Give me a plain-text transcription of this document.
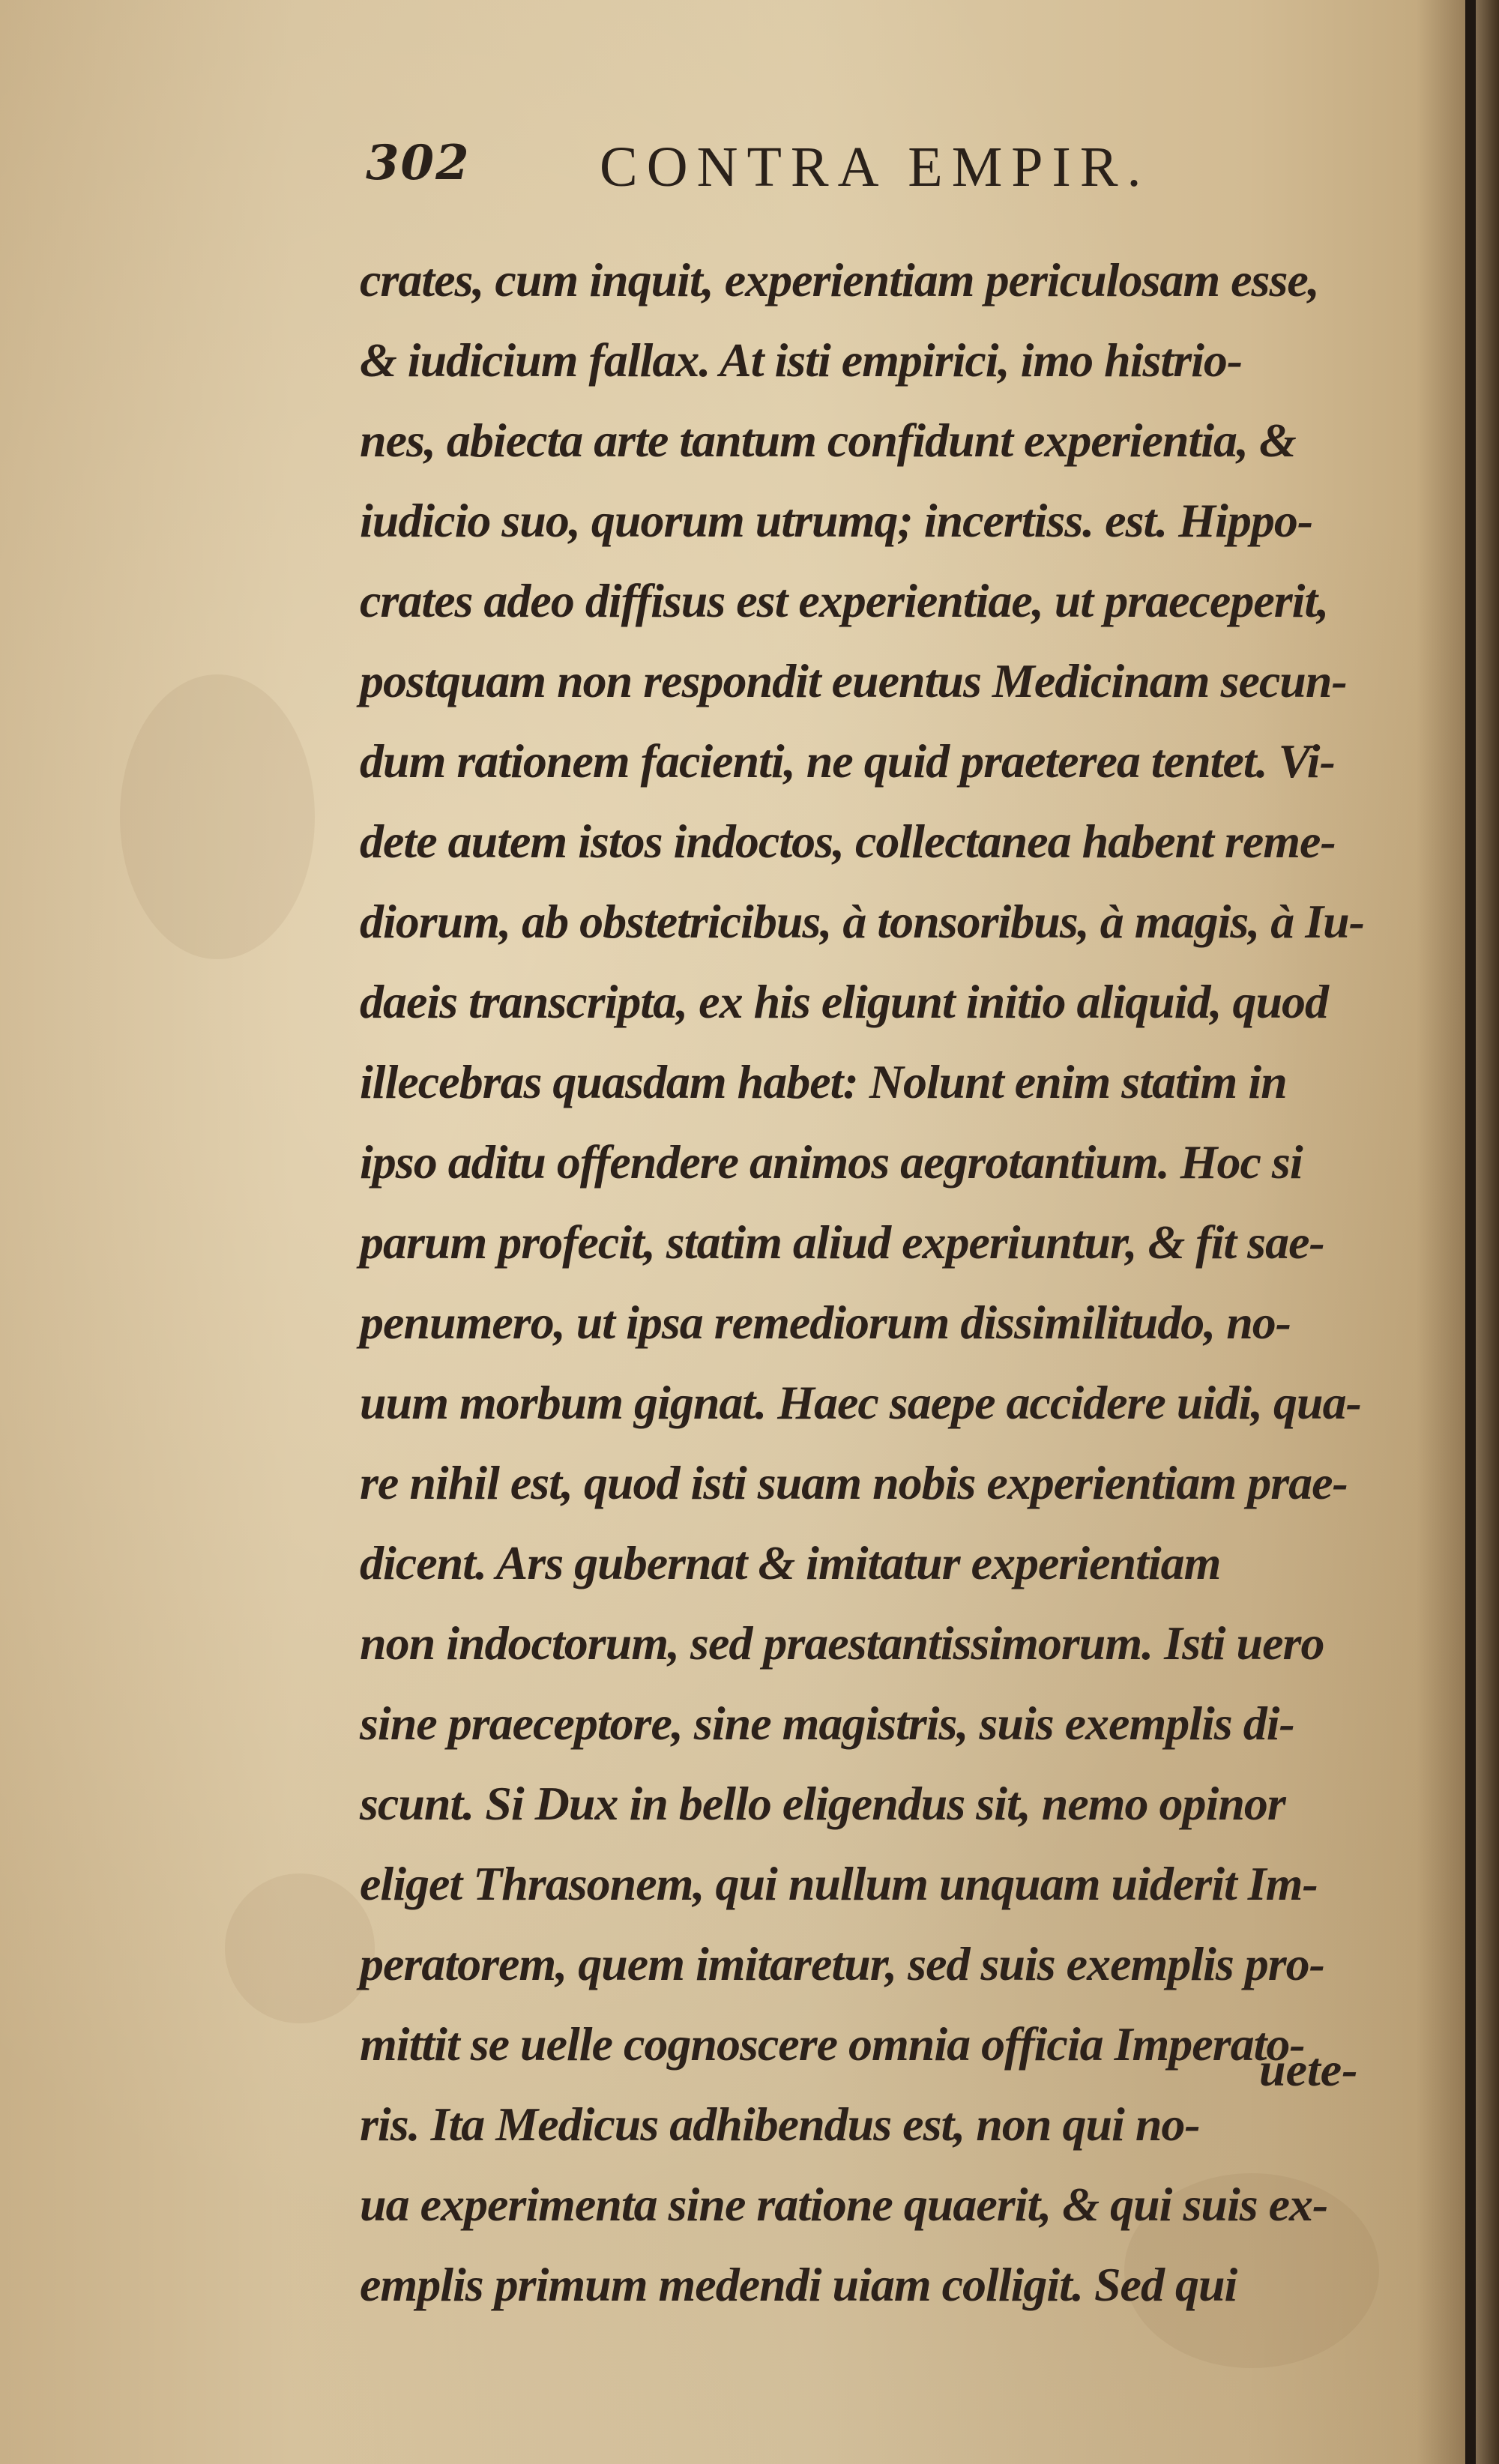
302 CONTRA EMPIR.
crates, cum inquit, experientiam periculosam esse,
& iudicium fallax. At isti empirici, imo histrio-
nes, abiecta arte tantum confidunt experientia, &
iudicio suo, quorum utrumq; incertiss. est. Hippo-
crates adeo diffisus est experientiae, ut praeceperit,
postquam non respondit euentus Medicinam secun-
dum rationem facienti, ne quid praeterea tentet. Vi-
dete autem istos indoctos, collectanea habent reme-
diorum, ab obstetricibus, à tonsoribus, à magis, à Iu-
daeis transcripta, ex his eligunt initio aliquid, quod
illecebras quasdam habet: Nolunt enim statim in
ipso aditu offendere animos aegrotantium. Hoc si
parum profecit, statim aliud experiuntur, & fit sae-
penumero, ut ipsa remediorum dissimilitudo, no-
uum morbum gignat. Haec saepe accidere uidi, qua-
re nihil est, quod isti suam nobis experientiam prae-
dicent. Ars gubernat & imitatur experientiam
non indoctorum, sed praestantissimorum. Isti uero
sine praeceptore, sine magistris, suis exemplis di-
scunt. Si Dux in bello eligendus sit, nemo opinor
eliget Thrasonem, qui nullum unquam uiderit Im-
peratorem, quem imitaretur, sed suis exemplis pro-
mittit se uelle cognoscere omnia officia Imperato-
ris. Ita Medicus adhibendus est, non qui no-
ua experimenta sine ratione quaerit, & qui suis ex-
emplis primum medendi uiam colligit. Sed qui
uete-
